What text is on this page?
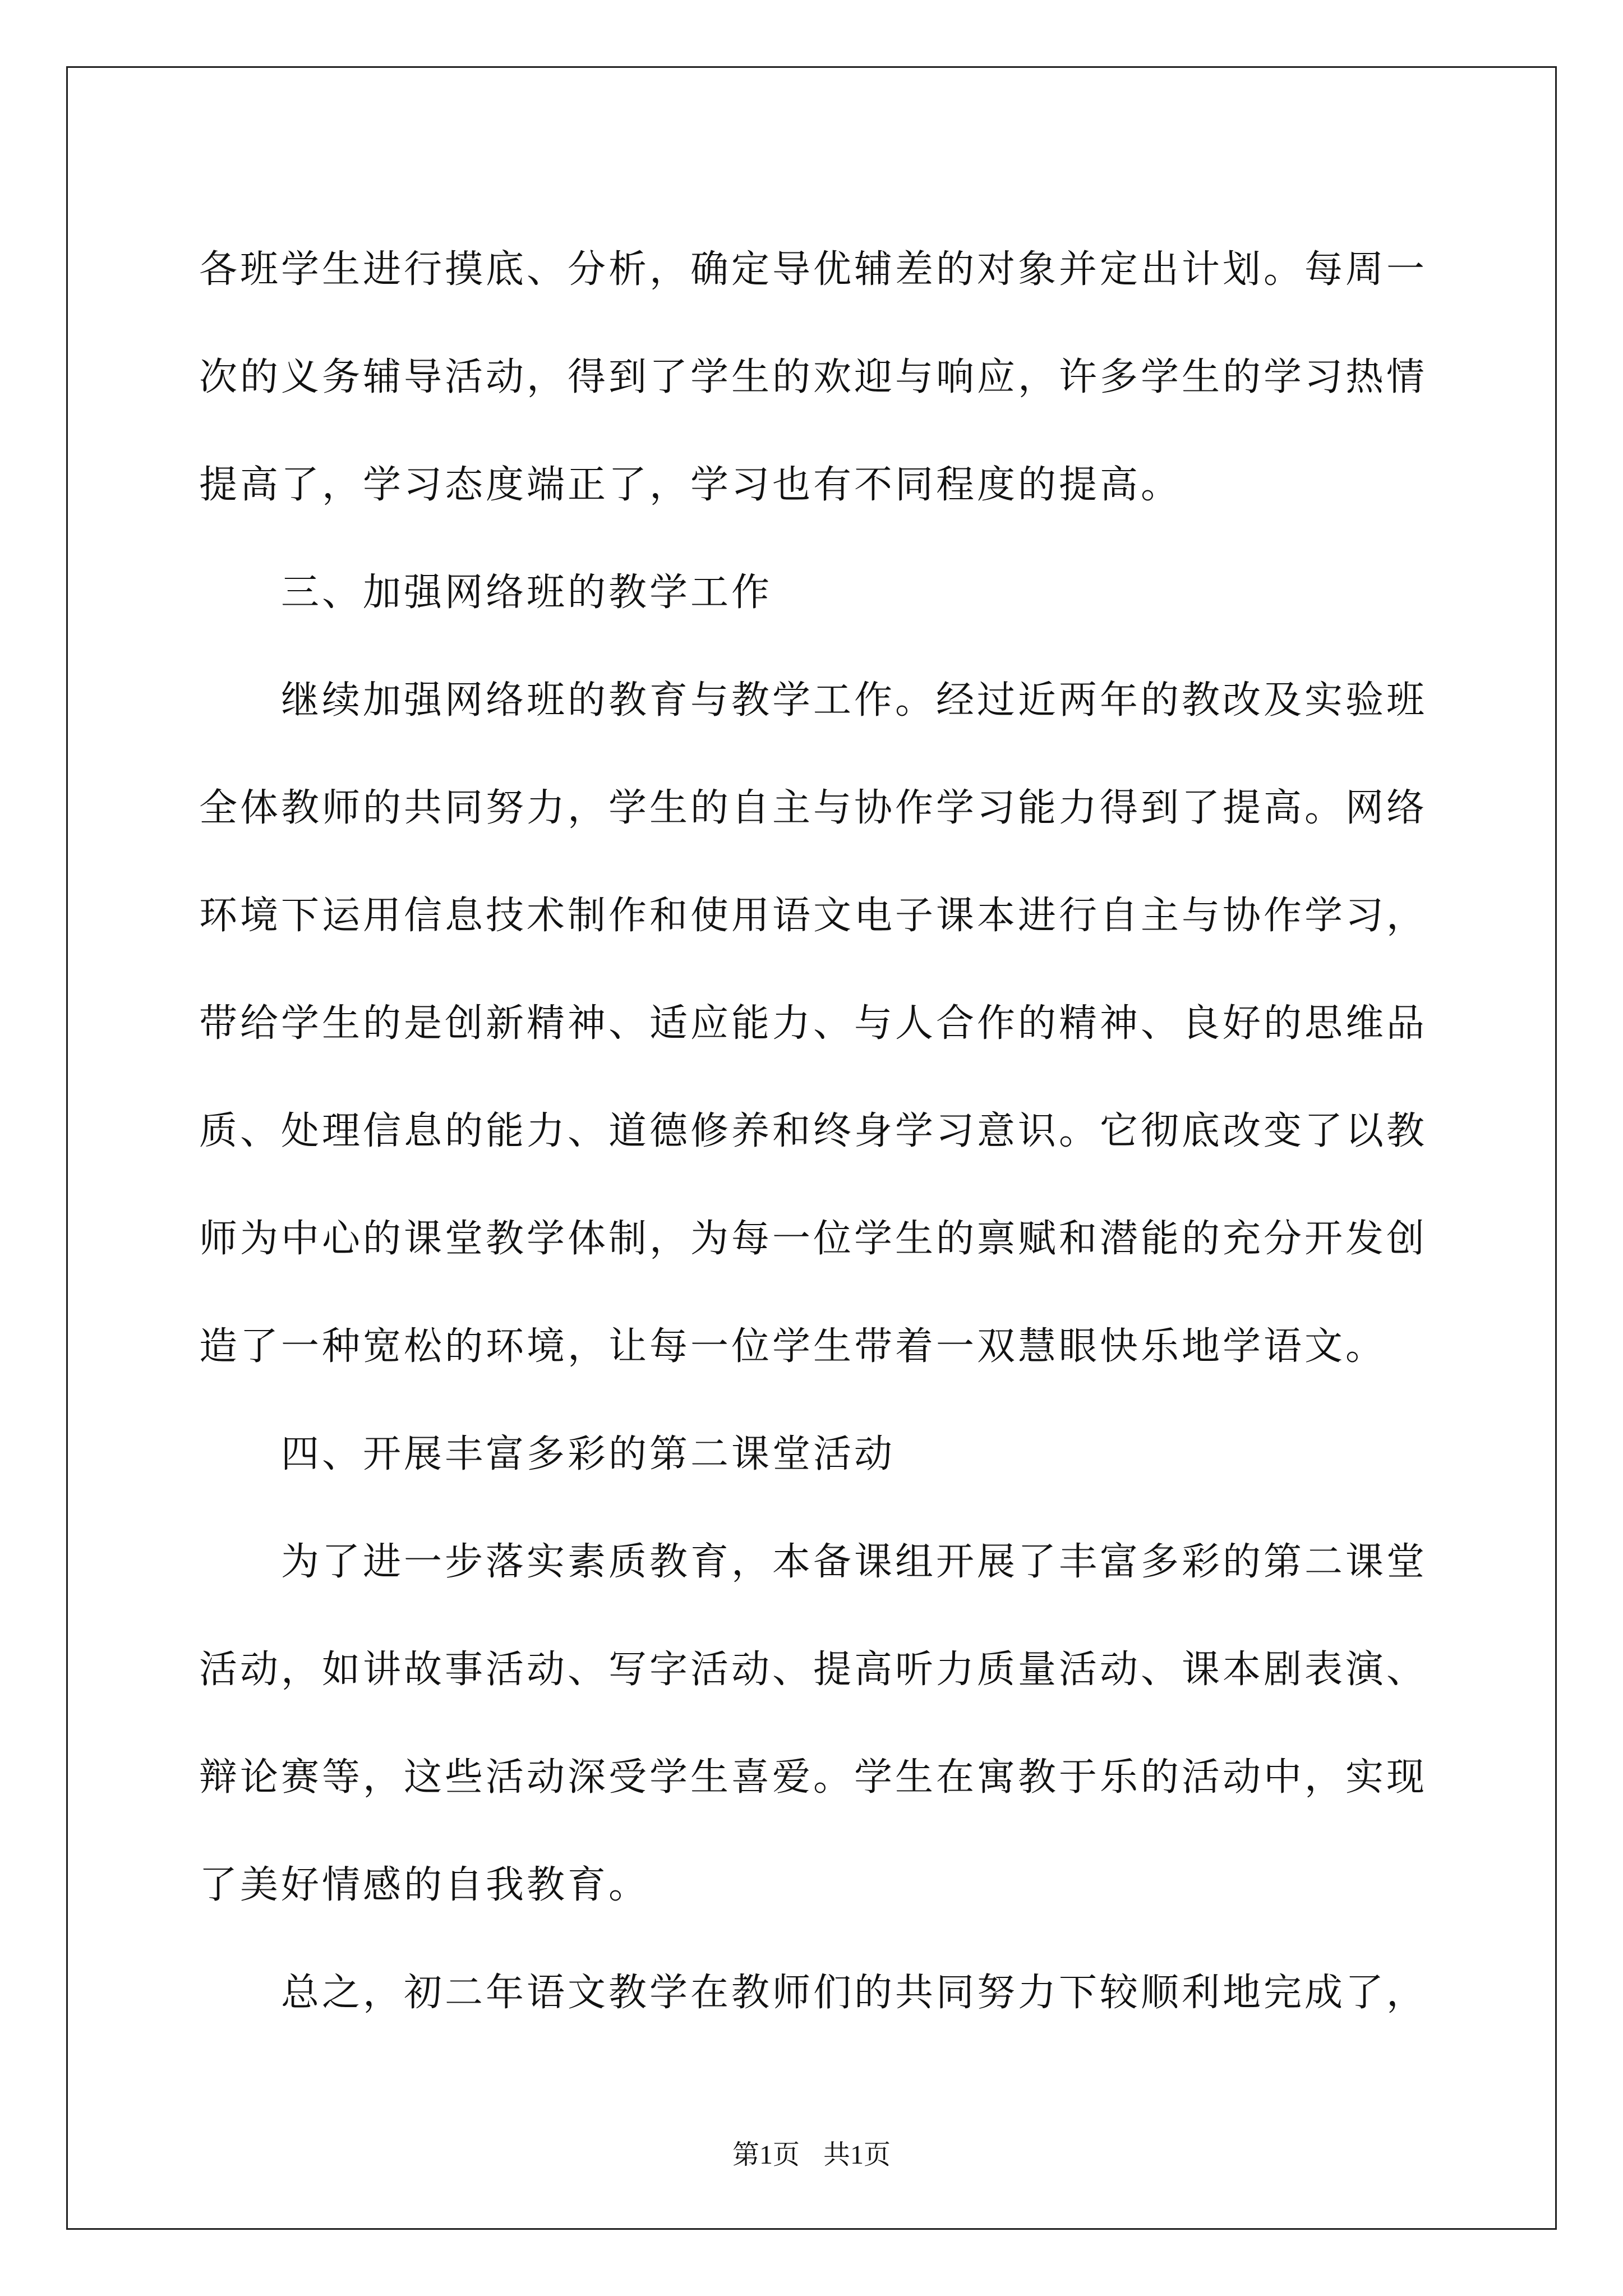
各班学生进行摸底、分析，确定导优辅差的对象并定出计划。每周一次的义务辅导活动，得到了学生的欢迎与响应，许多学生的学习热情提高了，学习态度端正了，学习也有不同程度的提高。

三、加强网络班的教学工作

继续加强网络班的教育与教学工作。经过近两年的教改及实验班全体教师的共同努力，学生的自主与协作学习能力得到了提高。网络环境下运用信息技术制作和使用语文电子课本进行自主与协作学习，带给学生的是创新精神、适应能力、与人合作的精神、良好的思维品质、处理信息的能力、道德修养和终身学习意识。它彻底改变了以教师为中心的课堂教学体制，为每一位学生的禀赋和潜能的充分开发创造了一种宽松的环境，让每一位学生带着一双慧眼快乐地学语文。

四、开展丰富多彩的第二课堂活动

为了进一步落实素质教育，本备课组开展了丰富多彩的第二课堂活动，如讲故事活动、写字活动、提高听力质量活动、课本剧表演、辩论赛等，这些活动深受学生喜爱。学生在寓教于乐的活动中，实现了美好情感的自我教育。

总之，初二年语文教学在教师们的共同努力下较顺利地完成了，

第1页 共1页
